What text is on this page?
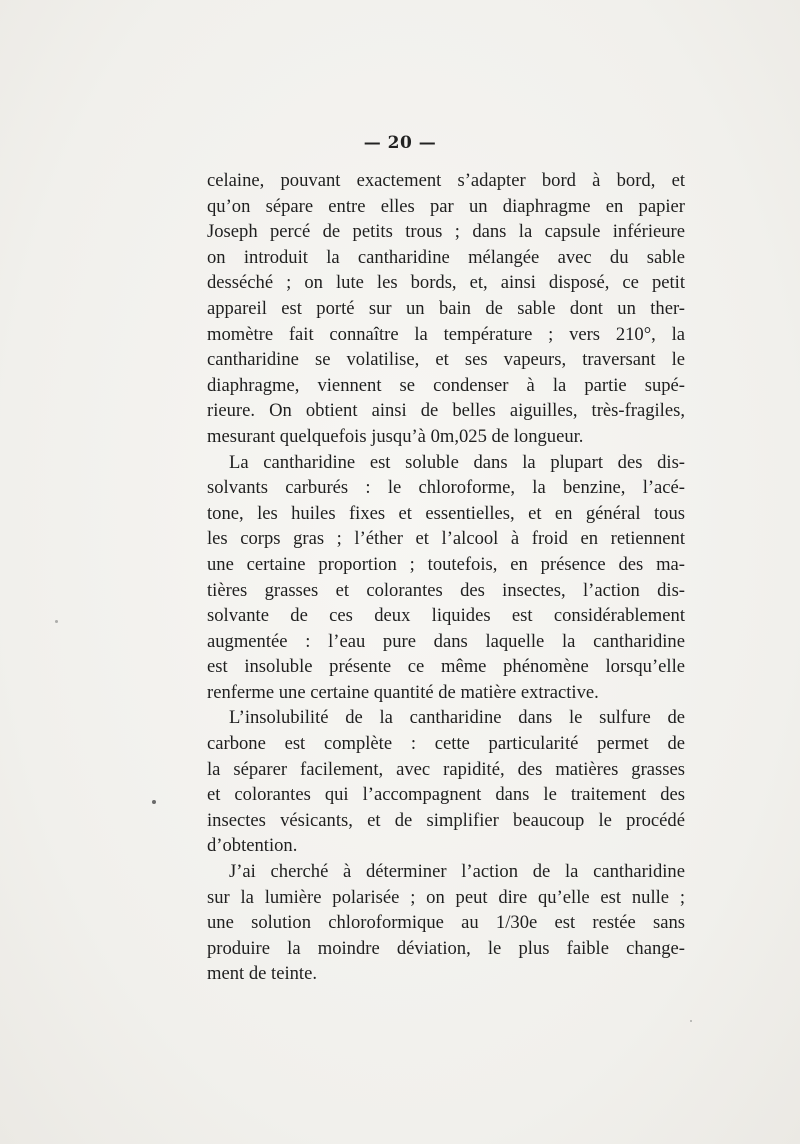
— 20 —
celaine, pouvant exactement s’adapter bord à bord, et
qu’on sépare entre elles par un diaphragme en papier
Joseph percé de petits trous ; dans la capsule inférieure
on introduit la cantharidine mélangée avec du sable
desséché ; on lute les bords, et, ainsi disposé, ce petit
appareil est porté sur un bain de sable dont un ther-
momètre fait connaître la température ; vers 210°, la
cantharidine se volatilise, et ses vapeurs, traversant le
diaphragme, viennent se condenser à la partie supé-
rieure. On obtient ainsi de belles aiguilles, très-fragiles,
mesurant quelquefois jusqu’à 0m,025 de longueur.
La cantharidine est soluble dans la plupart des dis-
solvants carburés : le chloroforme, la benzine, l’acé-
tone, les huiles fixes et essentielles, et en général tous
les corps gras ; l’éther et l’alcool à froid en retiennent
une certaine proportion ; toutefois, en présence des ma-
tières grasses et colorantes des insectes, l’action dis-
solvante de ces deux liquides est considérablement
augmentée : l’eau pure dans laquelle la cantharidine
est insoluble présente ce même phénomène lorsqu’elle
renferme une certaine quantité de matière extractive.
L’insolubilité de la cantharidine dans le sulfure de
carbone est complète : cette particularité permet de
la séparer facilement, avec rapidité, des matières grasses
et colorantes qui l’accompagnent dans le traitement des
insectes vésicants, et de simplifier beaucoup le procédé
d’obtention.
J’ai cherché à déterminer l’action de la cantharidine
sur la lumière polarisée ; on peut dire qu’elle est nulle ;
une solution chloroformique au 1/30e est restée sans
produire la moindre déviation, le plus faible change-
ment de teinte.
